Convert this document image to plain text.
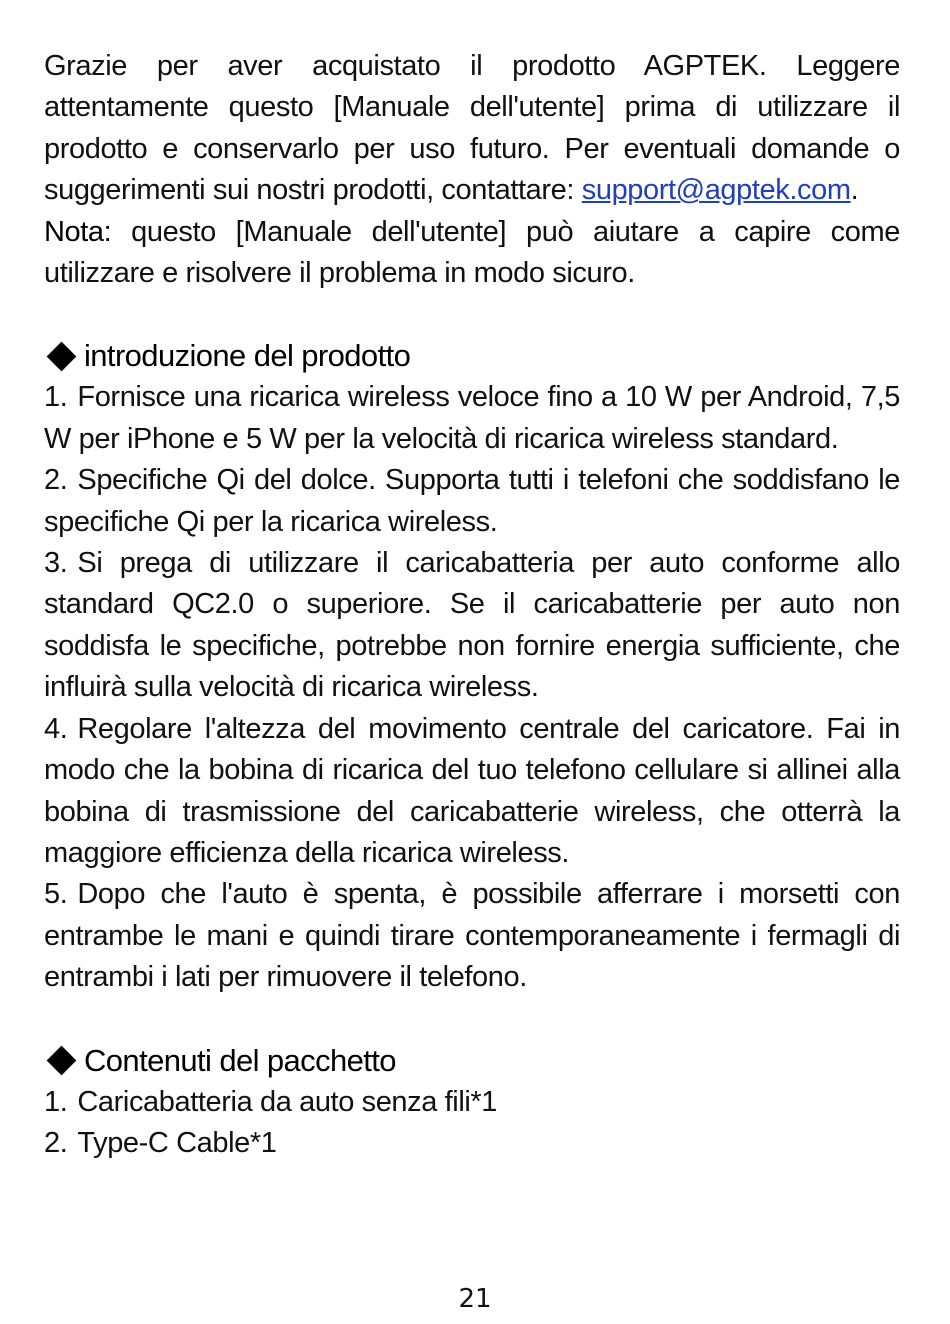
Grazie per aver acquistato il prodotto AGPTEK. Leggere attentamente questo [Manuale dell'utente] prima di utilizzare il prodotto e conservarlo per uso futuro. Per eventuali domande o suggerimenti sui nostri prodotti, contattare: support@agptek.com.

Nota: questo [Manuale dell'utente] può aiutare a capire come utilizzare e risolvere il problema in modo sicuro.

introduzione del prodotto
1. Fornisce una ricarica wireless veloce fino a 10 W per Android, 7,5 W per iPhone e 5 W per la velocità di ricarica wireless standard.
2. Specifiche Qi del dolce. Supporta tutti i telefoni che soddisfano le specifiche Qi per la ricarica wireless.
3. Si prega di utilizzare il caricabatteria per auto conforme allo standard QC2.0 o superiore. Se il caricabatterie per auto non soddisfa le specifiche, potrebbe non fornire energia sufficiente, che influirà sulla velocità di ricarica wireless.
4. Regolare l'altezza del movimento centrale del caricatore. Fai in modo che la bobina di ricarica del tuo telefono cellulare si allinei alla bobina di trasmissione del caricabatterie wireless, che otterrà la maggiore efficienza della ricarica wireless.
5. Dopo che l'auto è spenta, è possibile afferrare i morsetti con entrambe le mani e quindi tirare contemporaneamente i fermagli di entrambi i lati per rimuovere il telefono.
Contenuti del pacchetto
1. Caricabatteria da auto senza fili*1
2. Type-C Cable*1
21
